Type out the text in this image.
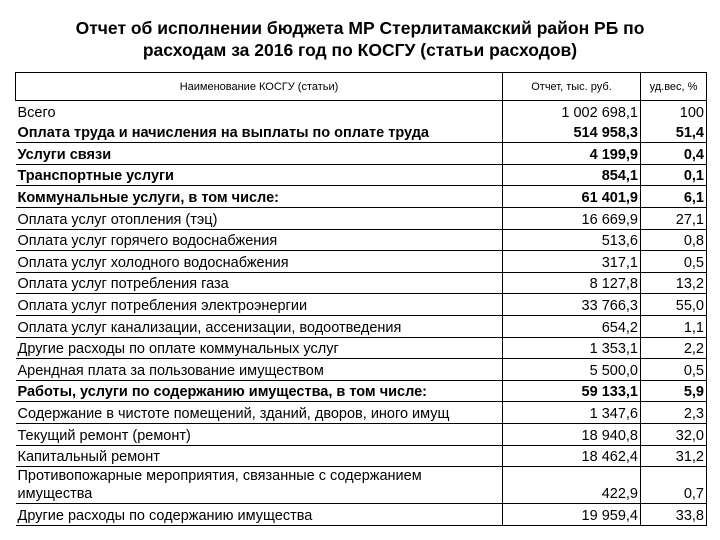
Отчет об исполнении бюджета МР Стерлитамакский район РБ по
расходам за 2016 год по КОСГУ (статьи расходов)
Наименование КОСГУ (статьи)	Отчет, тыс. руб.	уд.вес, %
Всего	1 002 698,1	100
Оплата труда и начисления на выплаты по оплате труда	514 958,3	51,4
Услуги связи	4 199,9	0,4
Транспортные услуги	854,1	0,1
Коммунальные услуги, в том числе:	61 401,9	6,1
Оплата услуг отопления (тэц)	16 669,9	27,1
Оплата услуг горячего водоснабжения	513,6	0,8
Оплата услуг холодного водоснабжения	317,1	0,5
Оплата услуг потребления газа	8 127,8	13,2
Оплата услуг потребления электроэнергии	33 766,3	55,0
Оплата услуг канализации, ассенизации, водоотведения	654,2	1,1
Другие расходы по оплате коммунальных услуг	1 353,1	2,2
Арендная плата за пользование имуществом	5 500,0	0,5
Работы, услуги по содержанию имущества, в том числе:	59 133,1	5,9
Содержание в чистоте помещений, зданий, дворов, иного имущ	1 347,6	2,3
Текущий ремонт (ремонт)	18 940,8	32,0
Капитальный ремонт	18 462,4	31,2
Противопожарные мероприятия, связанные с содержанием имущества	422,9	0,7
Другие расходы по содержанию имущества	19 959,4	33,8
